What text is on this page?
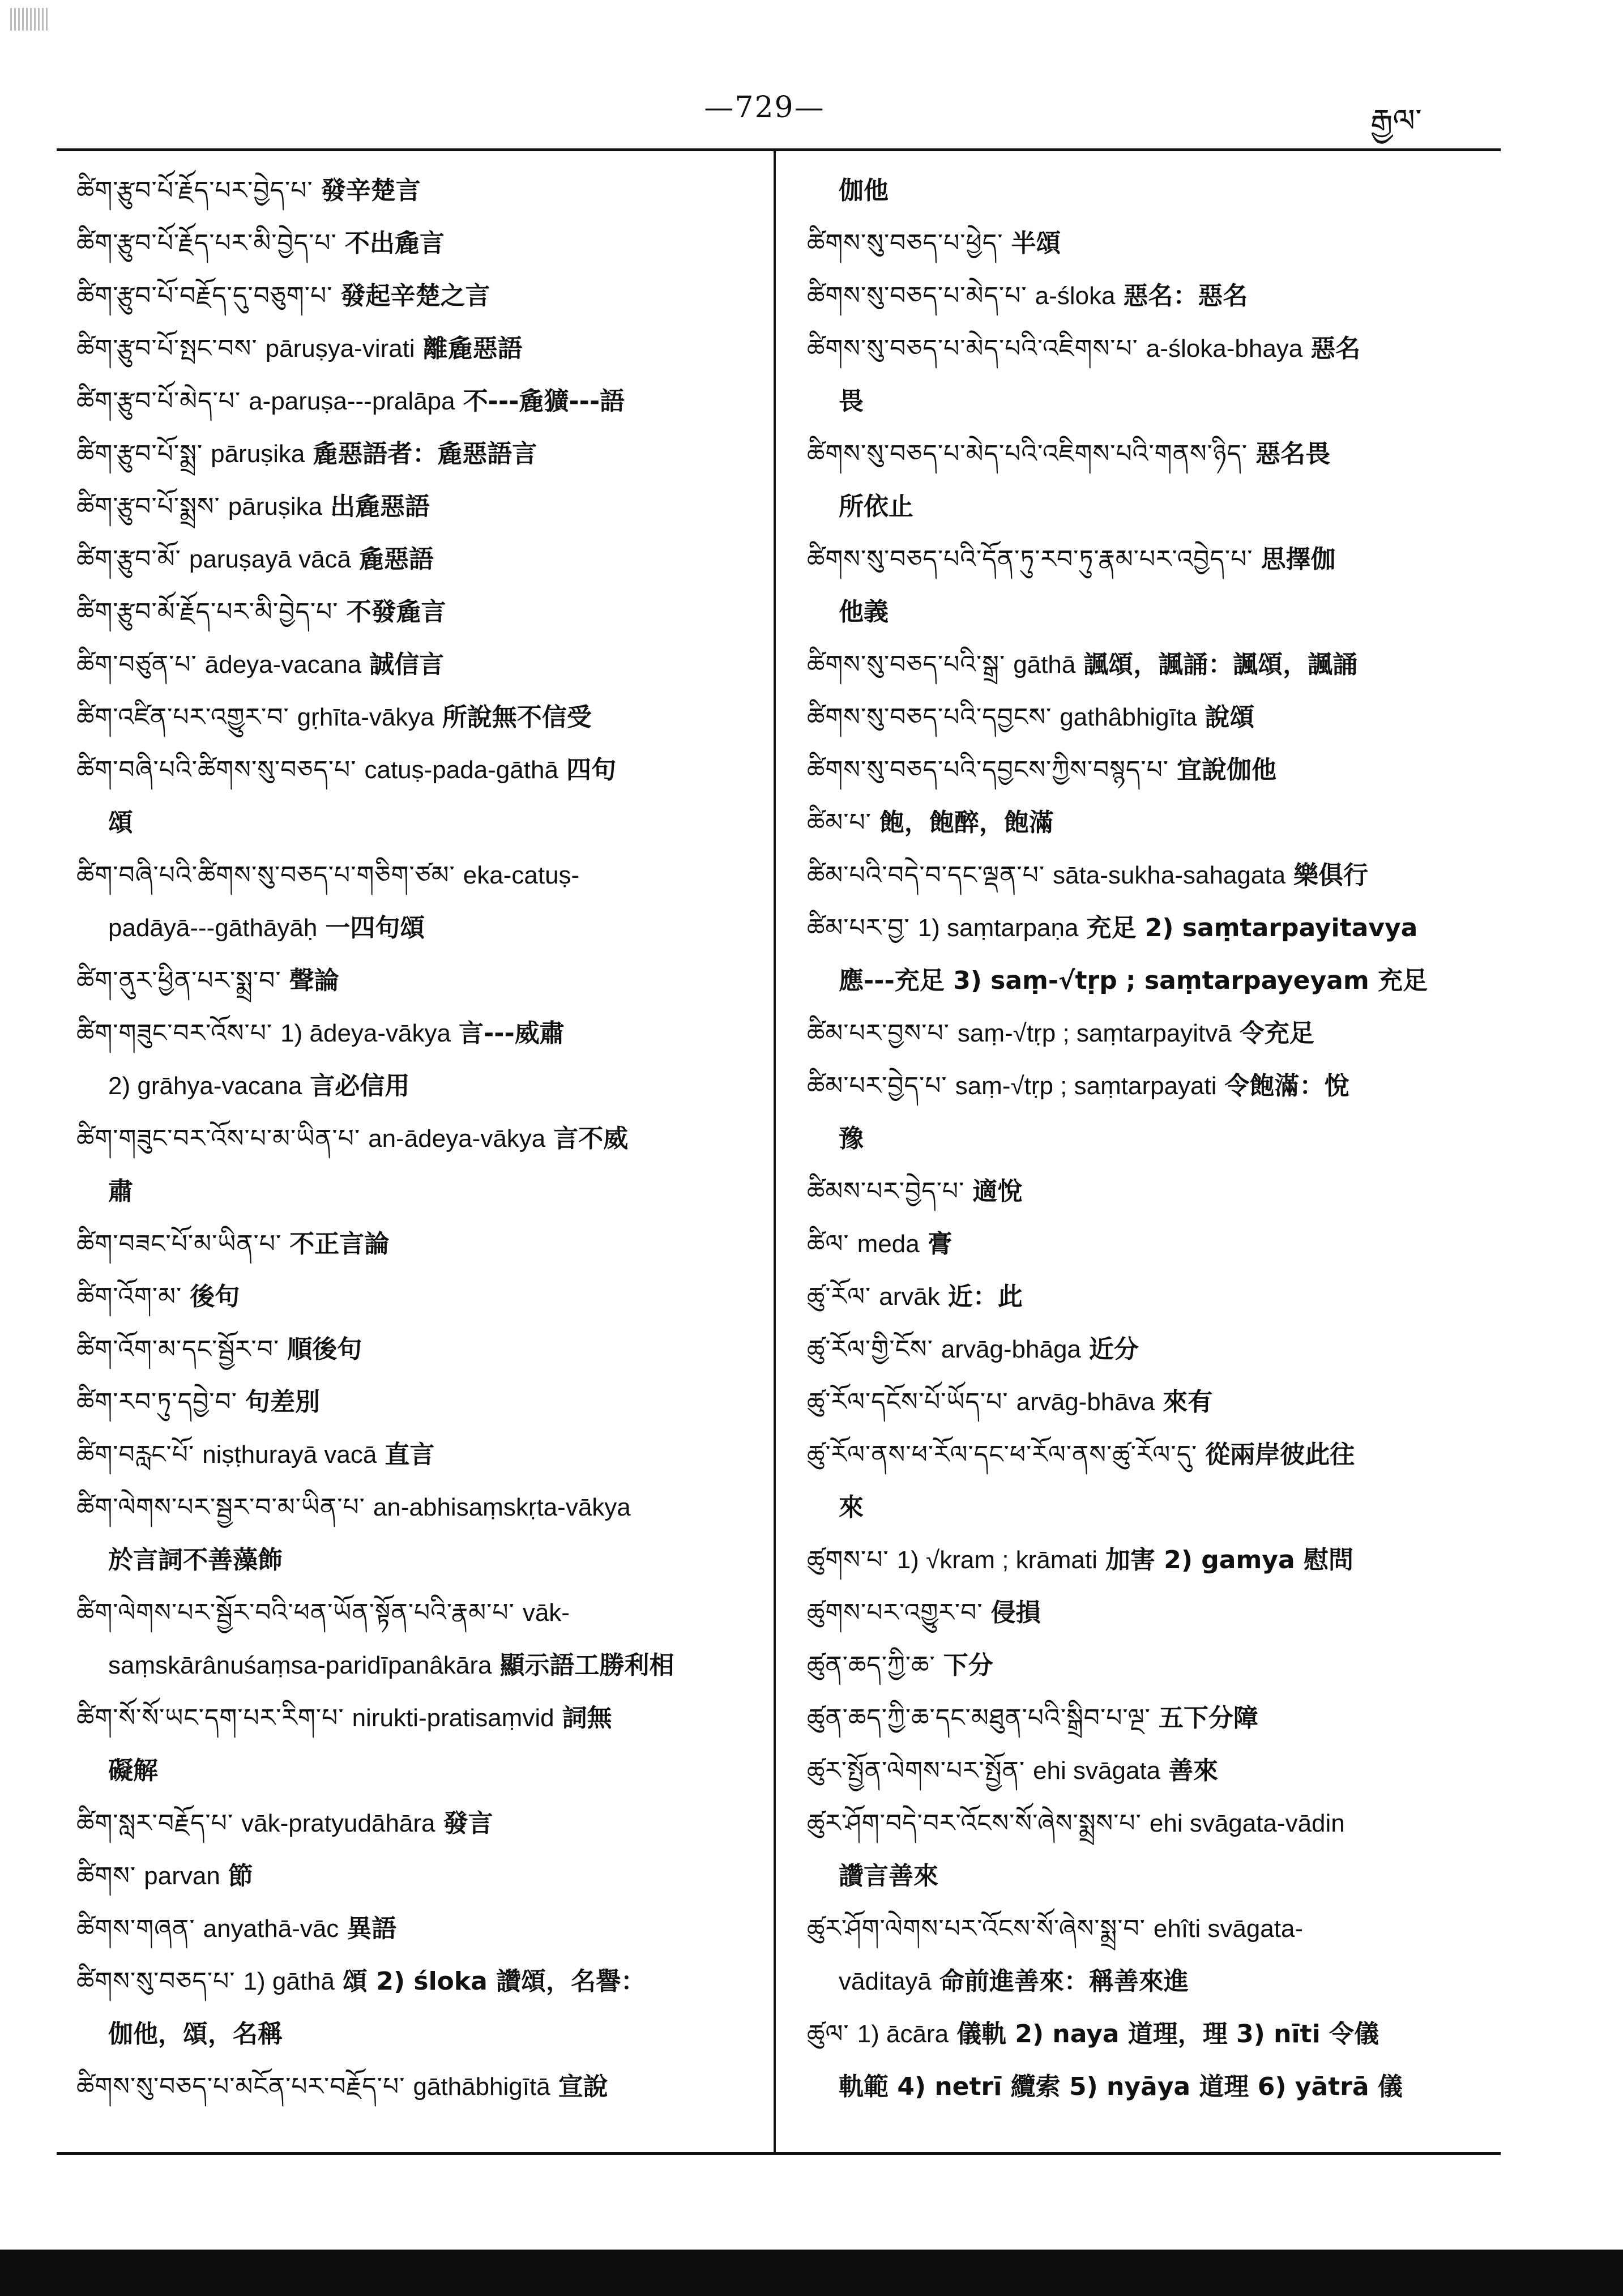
—729—	རྒྱལ་
ཚིག་རྩུབ་པོ་རྗོད་པར་བྱེད་པ་ 發辛楚言
ཚིག་རྩུབ་པོ་རྗོད་པར་མི་བྱེད་པ་ 不出麁言
ཚིག་རྩུབ་པོ་བརྗོད་དུ་བཅུག་པ་ 發起辛楚之言
ཚིག་རྩུབ་པོ་སྤང་བས་ pāruṣya-virati 離麁惡語
ཚིག་རྩུབ་པོ་མེད་པ་ a-paruṣa---pralāpa 不---麁獷---語
ཚིག་རྩུབ་པོ་སྨྲ་ pāruṣika 麁惡語者：麁惡語言
ཚིག་རྩུབ་པོ་སྨྲས་ pāruṣika 出麁惡語
ཚིག་རྩུབ་མོ་ paruṣayā vācā 麁惡語
ཚིག་རྩུབ་མོ་རྗོད་པར་མི་བྱེད་པ་ 不發麁言
ཚིག་བཙུན་པ་ ādeya-vacana 誠信言
ཚིག་འཛིན་པར་འགྱུར་བ་ gṛhīta-vākya 所說無不信受
ཚིག་བཞི་པའི་ཚིགས་སུ་བཅད་པ་ catuṣ-pada-gāthā 四句
頌
ཚིག་བཞི་པའི་ཚིགས་སུ་བཅད་པ་གཅིག་ཙམ་ eka-catuṣ-
padāyā---gāthāyāḥ 一四句頌
ཚིག་ནུར་ཕྱིན་པར་སྨྲ་བ་ 聲論
ཚིག་གཟུང་བར་འོས་པ་ 1) ādeya-vākya 言---威肅
2) grāhya-vacana 言必信用
ཚིག་གཟུང་བར་འོས་པ་མ་ཡིན་པ་ an-ādeya-vākya 言不威
肅
ཚིག་བཟང་པོ་མ་ཡིན་པ་ 不正言論
ཚིག་འོག་མ་ 後句
ཚིག་འོག་མ་དང་སྦྱོར་བ་ 順後句
ཚིག་རབ་ཏུ་དབྱེ་བ་ 句差別
ཚིག་བརླང་པོ་ niṣṭhurayā vacā 直言
ཚིག་ལེགས་པར་སྦྱར་བ་མ་ཡིན་པ་ an-abhisaṃskṛta-vākya
於言詞不善藻飾
ཚིག་ལེགས་པར་སྦྱོར་བའི་ཕན་ཡོན་སྟོན་པའི་རྣམ་པ་ vāk-
saṃskārânuśaṃsa-paridīpanâkāra 顯示語工勝利相
ཚིག་སོ་སོ་ཡང་དག་པར་རིག་པ་ nirukti-pratisaṃvid 詞無
礙解
ཚིག་སླར་བརྗོད་པ་ vāk-pratyudāhāra 發言
ཚིགས་ parvan 節
ཚིགས་གཞན་ anyathā-vāc 異語
ཚིགས་སུ་བཅད་པ་ 1) gāthā 頌 2) śloka 讚頌，名譽：
伽他，頌，名稱
ཚིགས་སུ་བཅད་པ་མངོན་པར་བརྗོད་པ་ gāthābhigītā 宣說
伽他
ཚིགས་སུ་བཅད་པ་ཕྱེད་ 半頌
ཚིགས་སུ་བཅད་པ་མེད་པ་ a-śloka 惡名：惡名
ཚིགས་སུ་བཅད་པ་མེད་པའི་འཇིགས་པ་ a-śloka-bhaya 惡名
畏
ཚིགས་སུ་བཅད་པ་མེད་པའི་འཇིགས་པའི་གནས་ཉིད་ 惡名畏
所依止
ཚིགས་སུ་བཅད་པའི་དོན་ཏུ་རབ་ཏུ་རྣམ་པར་འབྱེད་པ་ 思擇伽
他義
ཚིགས་སུ་བཅད་པའི་སྒྲ་ gāthā 諷頌，諷誦：諷頌，諷誦
ཚིགས་སུ་བཅད་པའི་དབྱངས་ gathâbhigīta 說頌
ཚིགས་སུ་བཅད་པའི་དབྱངས་ཀྱིས་བསྙད་པ་ 宜說伽他
ཚིམ་པ་ 飽，飽醉，飽滿
ཚིམ་པའི་བདེ་བ་དང་ལྡན་པ་ sāta-sukha-sahagata 樂俱行
ཚིམ་པར་བྱ་ 1) saṃtarpaṇa 充足 2) saṃtarpayitavya
應---充足 3) saṃ-√tṛp ; saṃtarpayeyam 充足
ཚིམ་པར་བྱས་པ་ saṃ-√tṛp ; saṃtarpayitvā 令充足
ཚིམ་པར་བྱེད་པ་ saṃ-√tṛp ; saṃtarpayati 令飽滿：悅
豫
ཚིམས་པར་བྱེད་པ་ 適悅
ཚིལ་ meda 膏
ཚུ་རོལ་ arvāk 近：此
ཚུ་རོལ་གྱི་ངོས་ arvāg-bhāga 近分
ཚུ་རོལ་དངོས་པོ་ཡོད་པ་ arvāg-bhāva 來有
ཚུ་རོལ་ནས་ཕ་རོལ་དང་ཕ་རོལ་ནས་ཚུ་རོལ་དུ་ 從兩岸彼此往
來
ཚུགས་པ་ 1) √kram ; krāmati 加害 2) gamya 慰問
ཚུགས་པར་འགྱུར་བ་ 侵損
ཚུན་ཆད་ཀྱི་ཆ་ 下分
ཚུན་ཆད་ཀྱི་ཆ་དང་མཐུན་པའི་སྒྲིབ་པ་ལྔ་ 五下分障
ཚུར་སྤྱོན་ལེགས་པར་སྤྱོན་ ehi svāgata 善來
ཚུར་ཤོག་བདེ་བར་འོངས་སོ་ཞེས་སྨྲས་པ་ ehi svāgata-vādin
讚言善來
ཚུར་ཤོག་ལེགས་པར་འོངས་སོ་ཞེས་སྨྲ་བ་ ehîti svāgata-
vāditayā 命前進善來：稱善來進
ཚུལ་ 1) ācāra 儀軌 2) naya 道理，理 3) nīti 令儀
軌範 4) netrī 纜索 5) nyāya 道理 6) yātrā 儀
